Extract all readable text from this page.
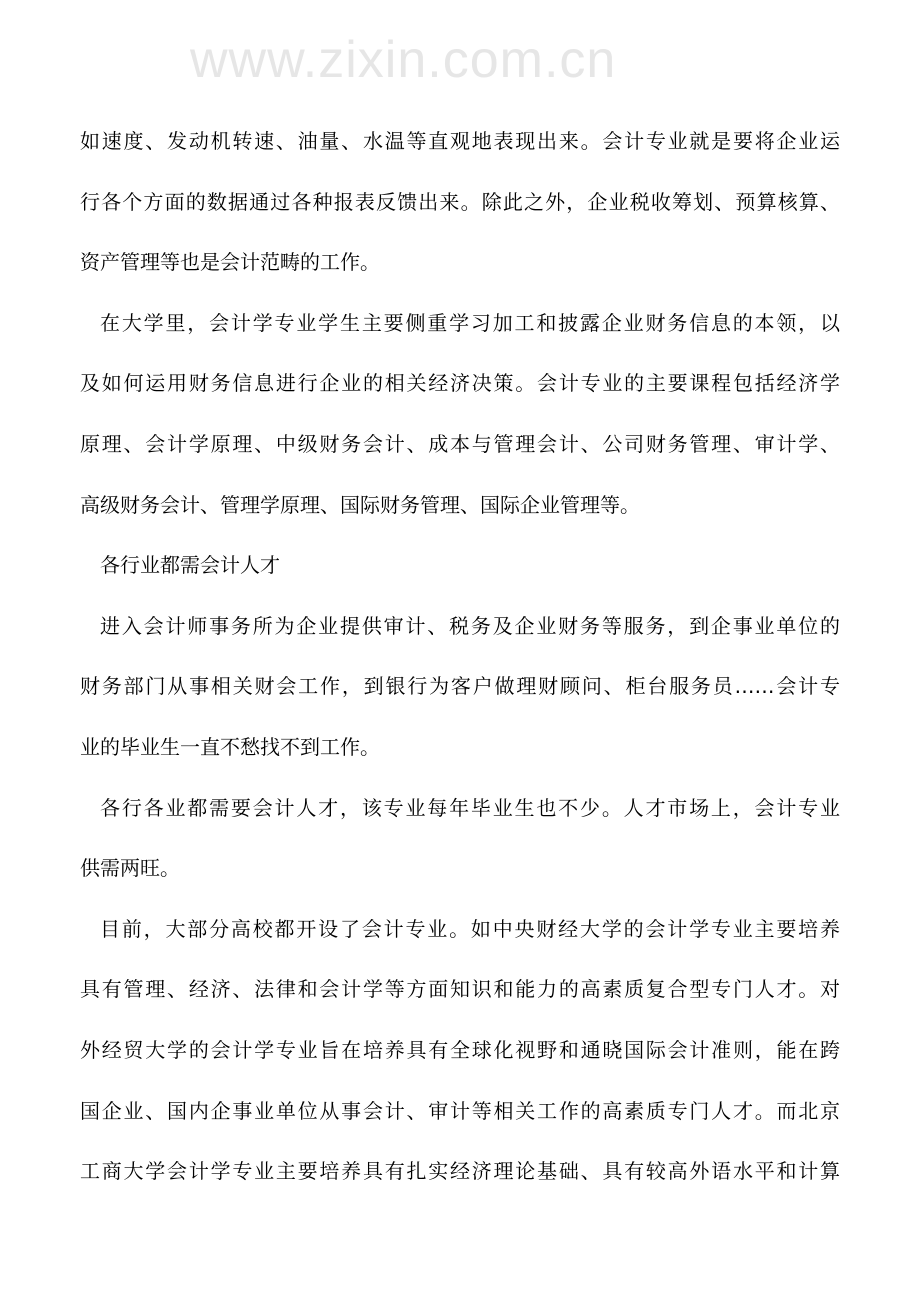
www.zixin.com.cn
如速度、发动机转速、油量、水温等直观地表现出来。会计专业就是要将企业运
行各个方面的数据通过各种报表反馈出来。除此之外，企业税收筹划、预算核算、
资产管理等也是会计范畴的工作。
在大学里，会计学专业学生主要侧重学习加工和披露企业财务信息的本领，以
及如何运用财务信息进行企业的相关经济决策。会计专业的主要课程包括经济学
原理、会计学原理、中级财务会计、成本与管理会计、公司财务管理、审计学、
高级财务会计、管理学原理、国际财务管理、国际企业管理等。
各行业都需会计人才
进入会计师事务所为企业提供审计、税务及企业财务等服务，到企事业单位的
财务部门从事相关财会工作，到银行为客户做理财顾问、柜台服务员……会计专
业的毕业生一直不愁找不到工作。
各行各业都需要会计人才，该专业每年毕业生也不少。人才市场上，会计专业
供需两旺。
目前，大部分高校都开设了会计专业。如中央财经大学的会计学专业主要培养
具有管理、经济、法律和会计学等方面知识和能力的高素质复合型专门人才。对
外经贸大学的会计学专业旨在培养具有全球化视野和通晓国际会计准则，能在跨
国企业、国内企事业单位从事会计、审计等相关工作的高素质专门人才。而北京
工商大学会计学专业主要培养具有扎实经济理论基础、具有较高外语水平和计算
